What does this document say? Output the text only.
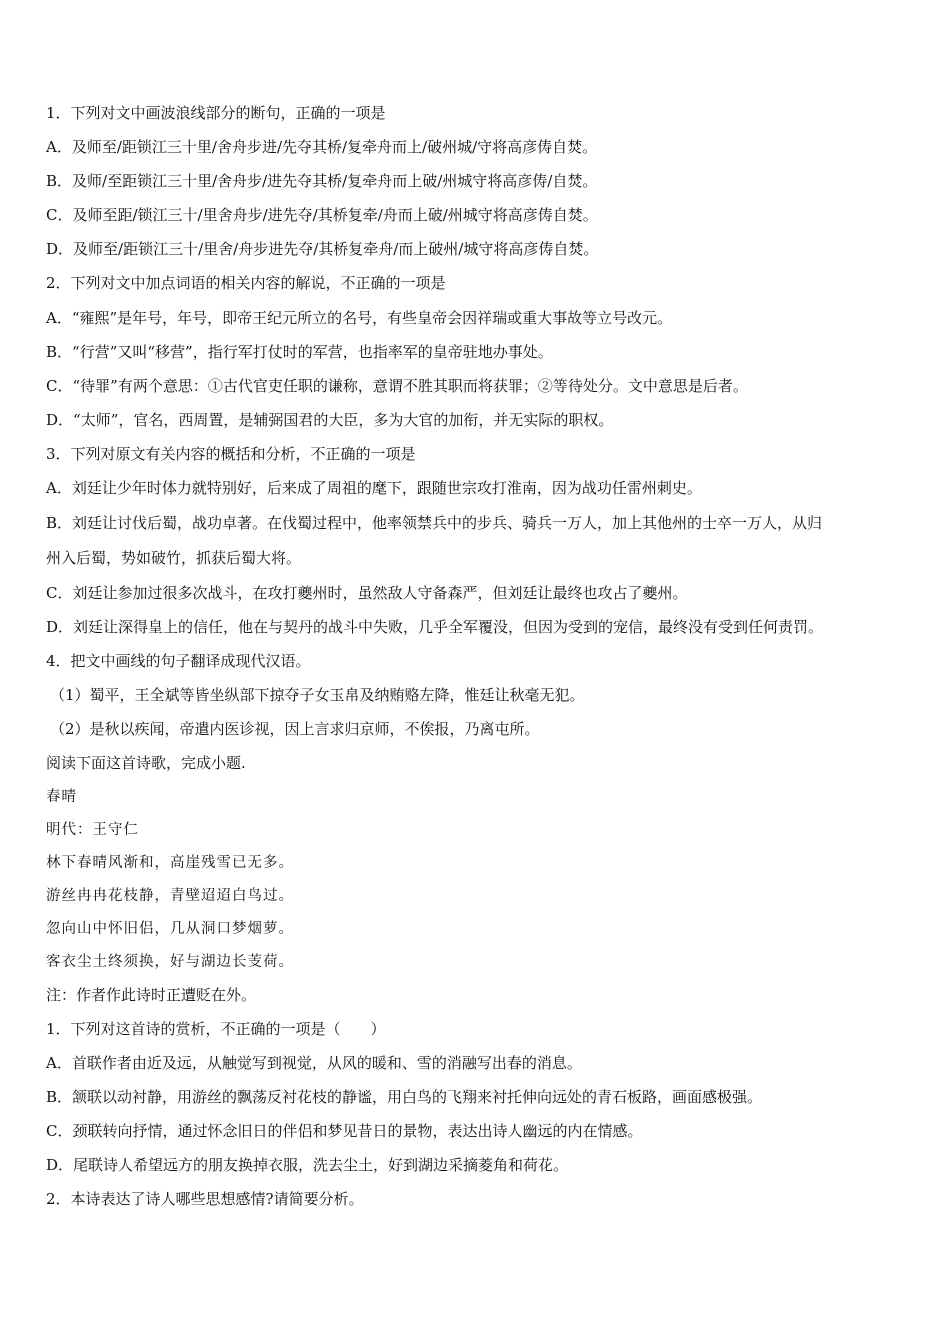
1．下列对文中画波浪线部分的断句，正确的一项是
A．及师至/距锁江三十里/舍舟步进/先夺其桥/复牵舟而上/破州城/守将高彦俦自焚。
B．及师/至距锁江三十里/舍舟步/进先夺其桥/复牵舟而上破/州城守将高彦俦/自焚。
C．及师至距/锁江三十/里舍舟步/进先夺/其桥复牵/舟而上破/州城守将高彦俦自焚。
D．及师至/距锁江三十/里舍/舟步进先夺/其桥复牵舟/而上破州/城守将高彦俦自焚。
2．下列对文中加点词语的相关内容的解说，不正确的一项是
A．“雍熙”是年号，年号，即帝王纪元所立的名号，有些皇帝会因祥瑞或重大事故等立号改元。
B．“行营”又叫“移营”，指行军打仗时的军营，也指率军的皇帝驻地办事处。
C．“待罪”有两个意思：①古代官吏任职的谦称，意谓不胜其职而将获罪；②等待处分。文中意思是后者。
D．“太师”，官名，西周置，是辅弼国君的大臣，多为大官的加衔，并无实际的职权。
3．下列对原文有关内容的概括和分析，不正确的一项是
A．刘廷让少年时体力就特别好，后来成了周祖的麾下，跟随世宗攻打淮南，因为战功任雷州刺史。
B．刘廷让讨伐后蜀，战功卓著。在伐蜀过程中，他率领禁兵中的步兵、骑兵一万人，加上其他州的士卒一万人，从归
州入后蜀，势如破竹，抓获后蜀大将。
C．刘廷让参加过很多次战斗，在攻打夔州时，虽然敌人守备森严，但刘廷让最终也攻占了夔州。
D．刘廷让深得皇上的信任，他在与契丹的战斗中失败，几乎全军覆没，但因为受到的宠信，最终没有受到任何责罚。
4．把文中画线的句子翻译成现代汉语。
（1）蜀平，王全斌等皆坐纵部下掠夺子女玉帛及纳贿赂左降，惟廷让秋毫无犯。
（2）是秋以疾闻，帝遣内医诊视，因上言求归京师，不俟报，乃离屯所。
阅读下面这首诗歌，完成小题.
春晴
明代：王守仁
林下春晴风渐和，高崖残雪已无多。
游丝冉冉花枝静，青壁迢迢白鸟过。
忽向山中怀旧侣，几从洞口梦烟萝。
客衣尘土终须换，好与湖边长芰荷。
注：作者作此诗时正遭贬在外。
1．下列对这首诗的赏析，不正确的一项是（　　）
A．首联作者由近及远，从触觉写到视觉，从风的暖和、雪的消融写出春的消息。
B．颔联以动衬静，用游丝的飘荡反衬花枝的静谧，用白鸟的飞翔来衬托伸向远处的青石板路，画面感极强。
C．颈联转向抒情，通过怀念旧日的伴侣和梦见昔日的景物，表达出诗人幽远的内在情感。
D．尾联诗人希望远方的朋友换掉衣服，洗去尘土，好到湖边采摘菱角和荷花。
2．本诗表达了诗人哪些思想感情?请简要分析。
